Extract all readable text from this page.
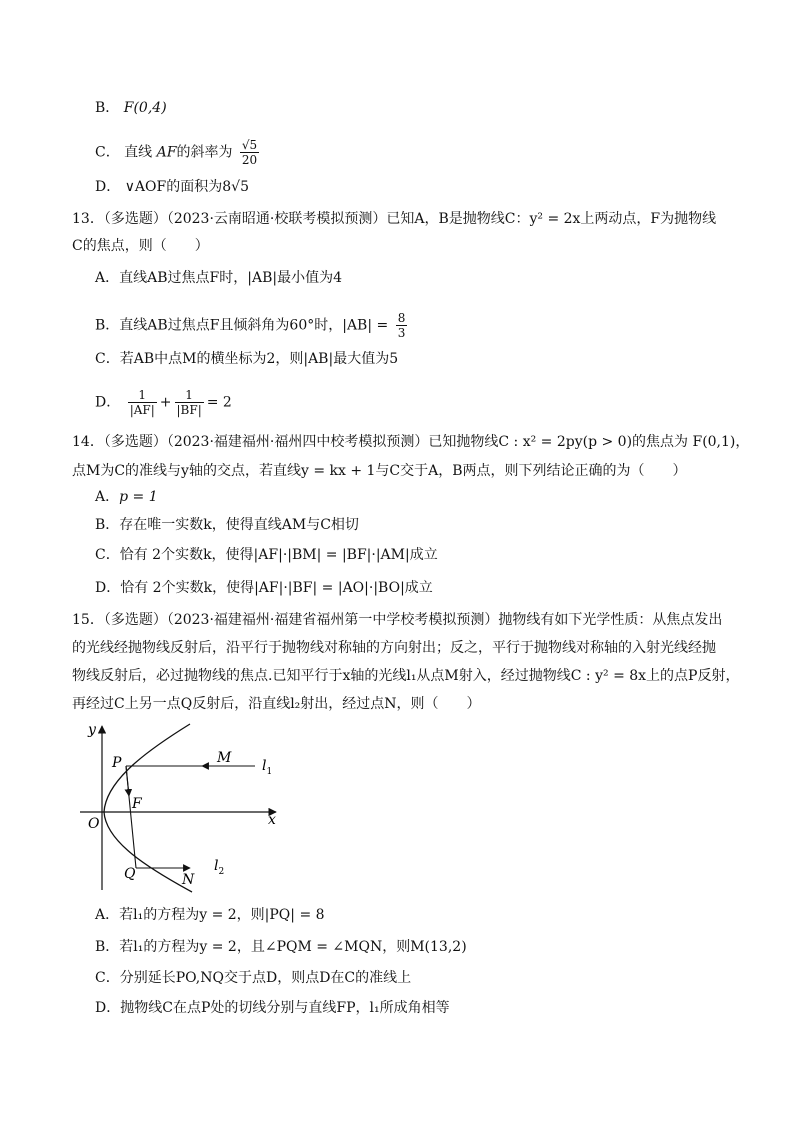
B． F(0,4)
C． 直线 AF的斜率为 $\frac{√5}{20}$
D． ∨AOF的面积为8√5
13．（多选题）（2023·云南昭通·校联考模拟预测）已知A，B是抛物线C：y² = 2x上两动点，F为抛物线
C的焦点，则（　　）
A．直线AB过焦点F时，|AB|最小值为4
B．直线AB过焦点F且倾斜角为60°时，$|AB| = \frac{8}{3}$
C．若AB中点M的横坐标为2，则|AB|最大值为5
D． $\frac{1}{|AF|} + \frac{1}{|BF|} = 2$
14．（多选题）（2023·福建福州·福州四中校考模拟预测）已知抛物线C : x² = 2py(p > 0)的焦点为 F(0,1)，
点M为C的准线与y轴的交点，若直线y = kx + 1与C交于A，B两点，则下列结论正确的为（　　）
A．p = 1
B．存在唯一实数k，使得直线AM与C相切
C．恰有 2个实数k，使得|AF|·|BM| = |BF|·|AM|成立
D．恰有 2个实数k，使得|AF|·|BF| = |AO|·|BO|成立
15．（多选题）（2023·福建福州·福建省福州第一中学校考模拟预测）抛物线有如下光学性质：从焦点发出
的光线经抛物线反射后，沿平行于抛物线对称轴的方向射出；反之，平行于抛物线对称轴的入射光线经抛
物线反射后，必过抛物线的焦点.已知平行于x轴的光线l₁从点M射入，经过抛物线C : y² = 8x上的点P反射，
再经过C上另一点Q反射后，沿直线l₂射出，经过点N，则（　　）
y
x
O
P
F
M $l_1$
Q	N
$l_2$
A．若l₁的方程为y = 2，则|PQ| = 8
B．若l₁的方程为y = 2，且∠PQM = ∠MQN，则M(13,2)
C．分别延长PO,NQ交于点D，则点D在C的准线上
D．抛物线C在点P处的切线分别与直线FP，l₁所成角相等
